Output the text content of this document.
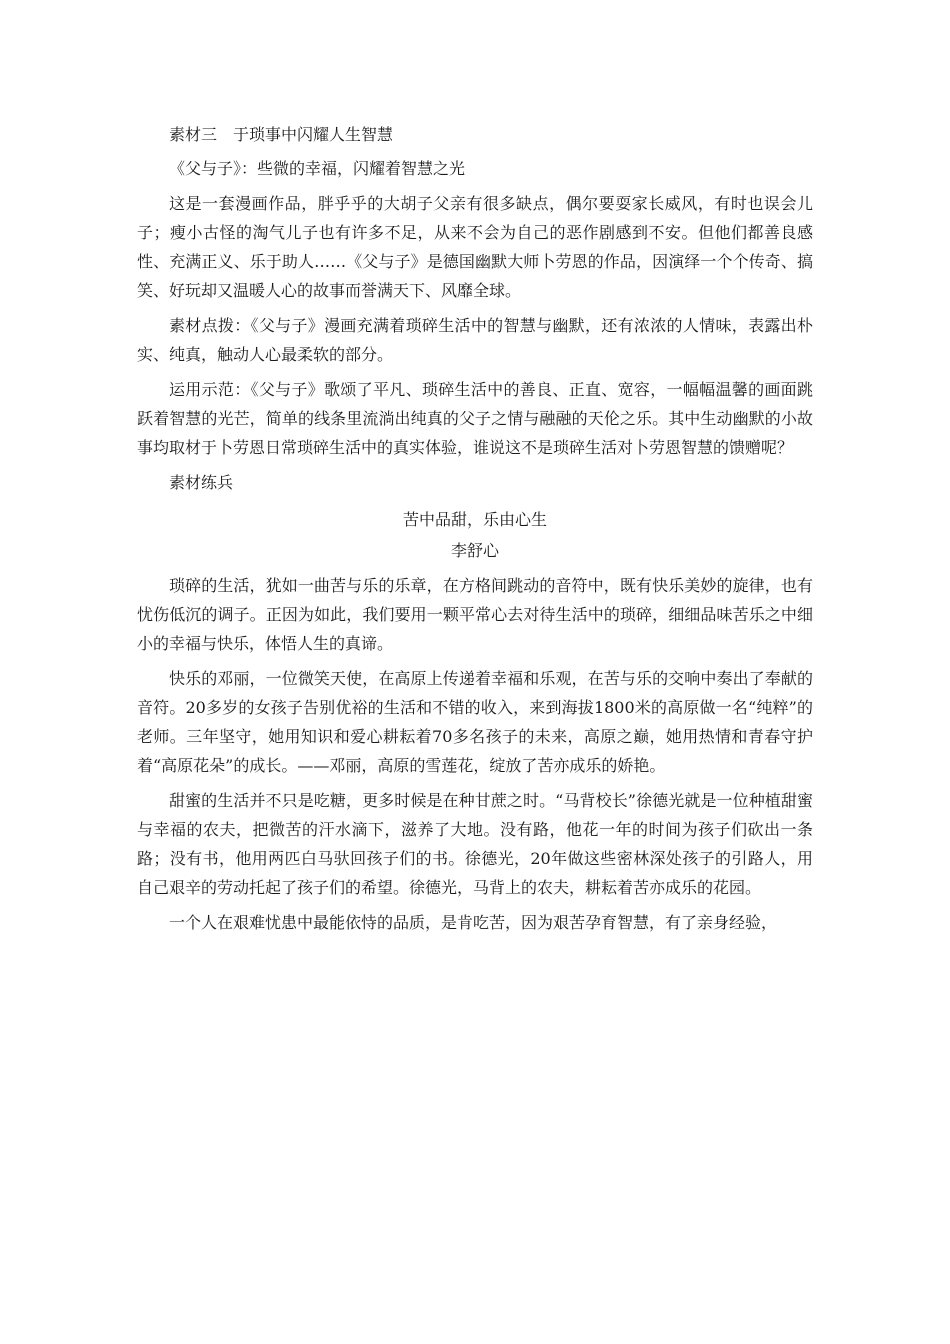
素材三　于琐事中闪耀人生智慧

《父与子》：些微的幸福，闪耀着智慧之光

这是一套漫画作品，胖乎乎的大胡子父亲有很多缺点，偶尔要耍家长威风，有时也误会儿子；瘦小古怪的淘气儿子也有许多不足，从来不会为自己的恶作剧感到不安。但他们都善良感性、充满正义、乐于助人……《父与子》是德国幽默大师卜劳恩的作品，因演绎一个个传奇、搞笑、好玩却又温暖人心的故事而誉满天下、风靡全球。

素材点拨：《父与子》漫画充满着琐碎生活中的智慧与幽默，还有浓浓的人情味，表露出朴实、纯真，触动人心最柔软的部分。

运用示范：《父与子》歌颂了平凡、琐碎生活中的善良、正直、宽容，一幅幅温馨的画面跳跃着智慧的光芒，简单的线条里流淌出纯真的父子之情与融融的天伦之乐。其中生动幽默的小故事均取材于卜劳恩日常琐碎生活中的真实体验，谁说这不是琐碎生活对卜劳恩智慧的馈赠呢？

素材练兵

苦中品甜，乐由心生

李舒心

琐碎的生活，犹如一曲苦与乐的乐章，在方格间跳动的音符中，既有快乐美妙的旋律，也有忧伤低沉的调子。正因为如此，我们要用一颗平常心去对待生活中的琐碎，细细品味苦乐之中细小的幸福与快乐，体悟人生的真谛。

快乐的邓丽，一位微笑天使，在高原上传递着幸福和乐观，在苦与乐的交响中奏出了奉献的音符。20多岁的女孩子告别优裕的生活和不错的收入，来到海拔1800米的高原做一名“纯粹”的老师。三年坚守，她用知识和爱心耕耘着70多名孩子的未来，高原之巅，她用热情和青春守护着“高原花朵”的成长。——邓丽，高原的雪莲花，绽放了苦亦成乐的娇艳。

甜蜜的生活并不只是吃糖，更多时候是在种甘蔗之时。“马背校长”徐德光就是一位种植甜蜜与幸福的农夫，把微苦的汗水滴下，滋养了大地。没有路，他花一年的时间为孩子们砍出一条路；没有书，他用两匹白马驮回孩子们的书。徐德光，20年做这些密林深处孩子的引路人，用自己艰辛的劳动托起了孩子们的希望。徐德光，马背上的农夫，耕耘着苦亦成乐的花园。

一个人在艰难忧患中最能依恃的品质，是肯吃苦，因为艰苦孕育智慧，有了亲身经验，
